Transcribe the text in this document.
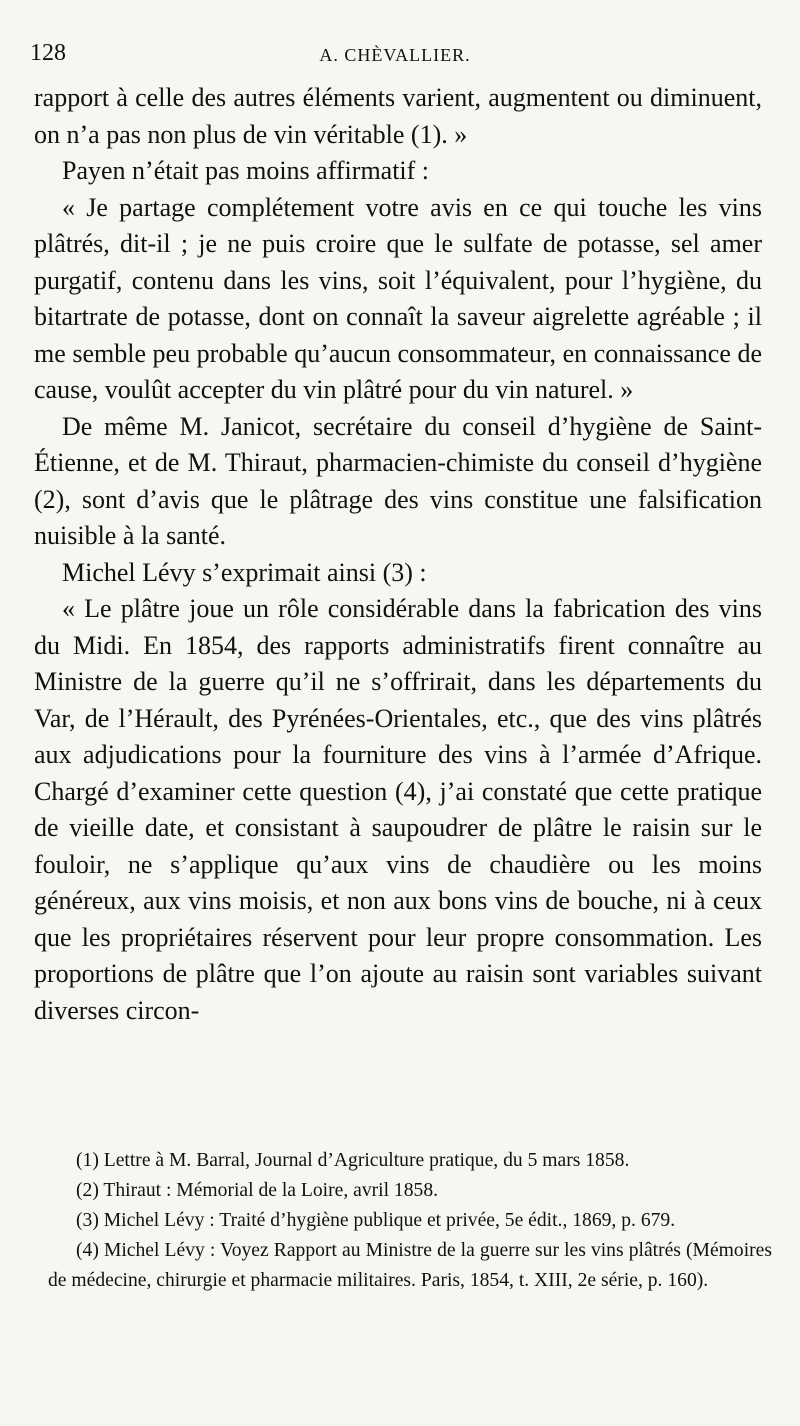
128	A. CHÈVALLIER.

rapport à celle des autres éléments varient, augmentent ou diminuent, on n’a pas non plus de vin véritable (1). »

Payen n’était pas moins affirmatif :

« Je partage complétement votre avis en ce qui touche les vins plâtrés, dit-il ; je ne puis croire que le sulfate de potasse, sel amer purgatif, contenu dans les vins, soit l’équivalent, pour l’hygiène, du bitartrate de potasse, dont on connaît la saveur aigrelette agréable ; il me semble peu probable qu’aucun consommateur, en connaissance de cause, voulût accepter du vin plâtré pour du vin naturel. »

De même M. Janicot, secrétaire du conseil d’hygiène de Saint-Étienne, et de M. Thiraut, pharmacien-chimiste du conseil d’hygiène (2), sont d’avis que le plâtrage des vins constitue une falsification nuisible à la santé.

Michel Lévy s’exprimait ainsi (3) :

« Le plâtre joue un rôle considérable dans la fabrication des vins du Midi. En 1854, des rapports administratifs firent connaître au Ministre de la guerre qu’il ne s’offrirait, dans les départements du Var, de l’Hérault, des Pyrénées-Orientales, etc., que des vins plâtrés aux adjudications pour la fourniture des vins à l’armée d’Afrique. Chargé d’examiner cette question (4), j’ai constaté que cette pratique de vieille date, et consistant à saupoudrer de plâtre le raisin sur le fouloir, ne s’applique qu’aux vins de chaudière ou les moins généreux, aux vins moisis, et non aux bons vins de bouche, ni à ceux que les propriétaires réservent pour leur propre consommation. Les proportions de plâtre que l’on ajoute au raisin sont variables suivant diverses circon-

(1) Lettre à M. Barral, Journal d’Agriculture pratique, du 5 mars 1858.

(2) Thiraut : Mémorial de la Loire, avril 1858.

(3) Michel Lévy : Traité d’hygiène publique et privée, 5e édit., 1869, p. 679.

(4) Michel Lévy : Voyez Rapport au Ministre de la guerre sur les vins plâtrés (Mémoires de médecine, chirurgie et pharmacie militaires. Paris, 1854, t. XIII, 2e série, p. 160).
